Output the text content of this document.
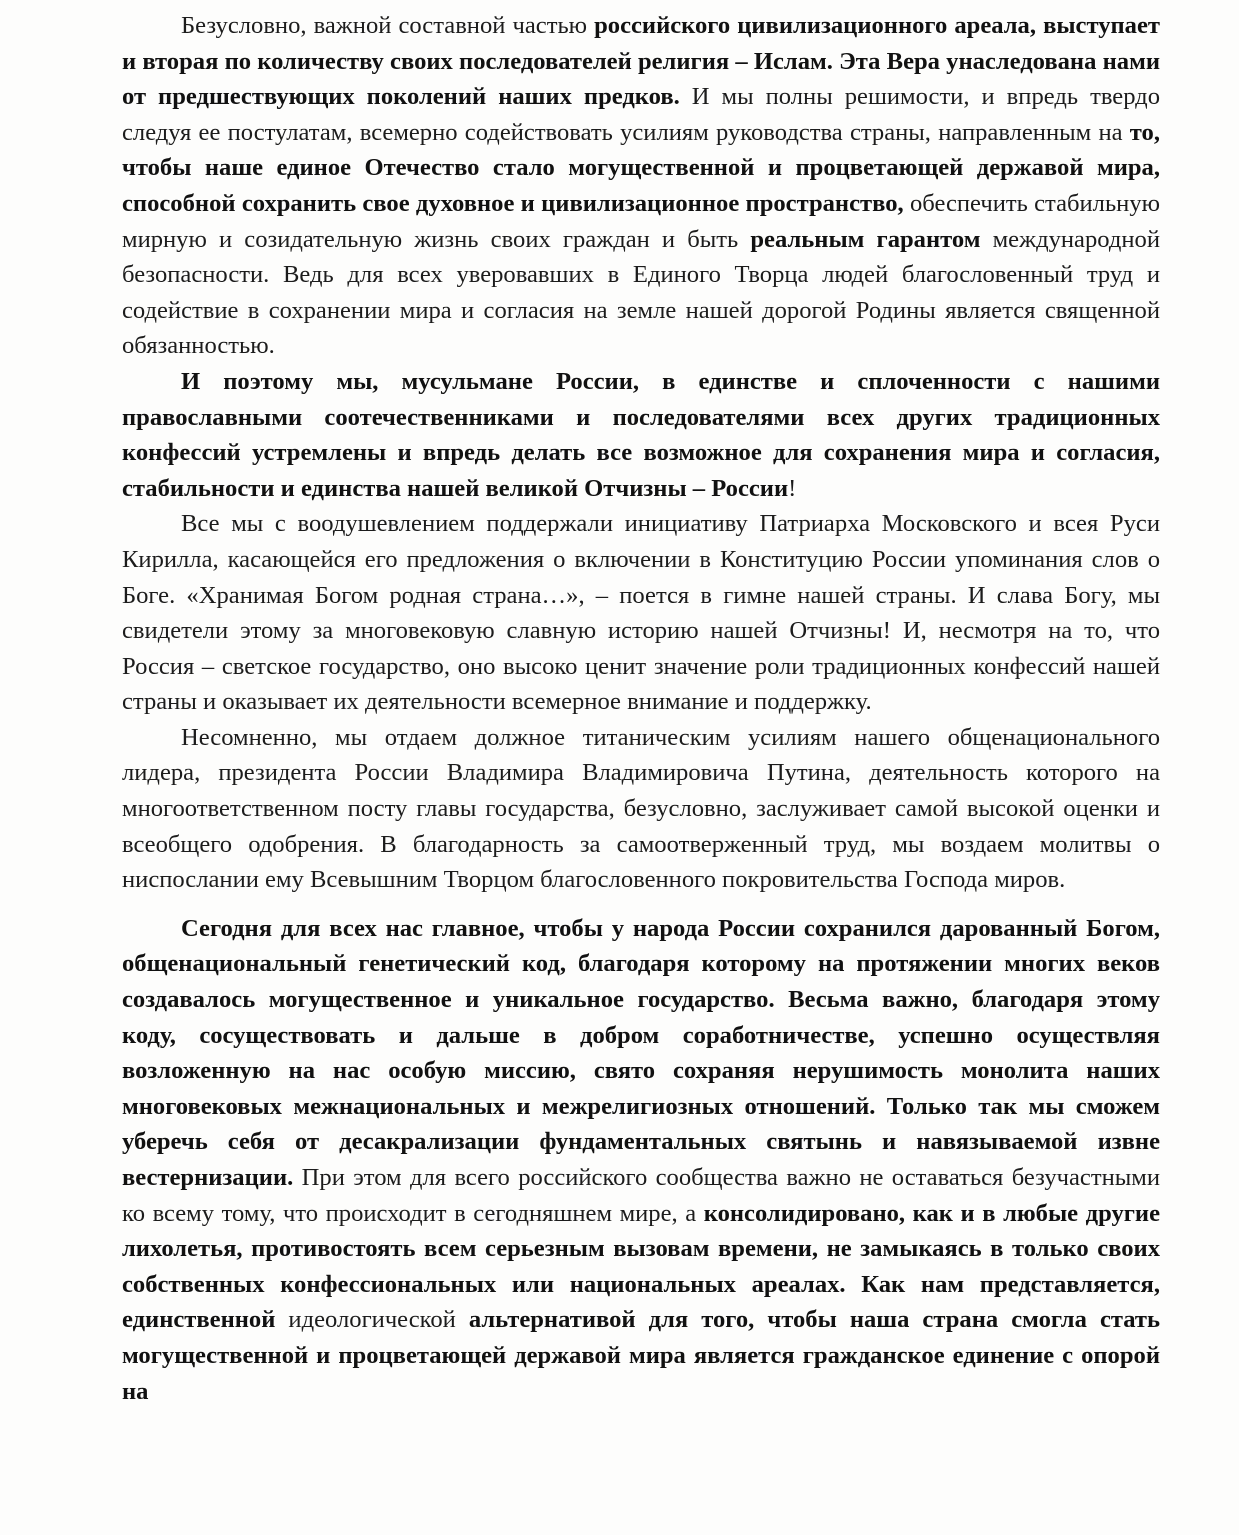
Безусловно, важной составной частью российского цивилизационного ареала, выступает и вторая по количеству своих последователей религия – Ислам. Эта Вера унаследована нами от предшествующих поколений наших предков. И мы полны решимости, и впредь твердо следуя ее постулатам, всемерно содействовать усилиям руководства страны, направленным на то, чтобы наше единое Отечество стало могущественной и процветающей державой мира, способной сохранить свое духовное и цивилизационное пространство, обеспечить стабильную мирную и созидательную жизнь своих граждан и быть реальным гарантом международной безопасности. Ведь для всех уверовавших в Единого Творца людей благословенный труд и содействие в сохранении мира и согласия на земле нашей дорогой Родины является священной обязанностью.

И поэтому мы, мусульмане России, в единстве и сплоченности с нашими православными соотечественниками и последователями всех других традиционных конфессий устремлены и впредь делать все возможное для сохранения мира и согласия, стабильности и единства нашей великой Отчизны – России!

Все мы с воодушевлением поддержали инициативу Патриарха Московского и всея Руси Кирилла, касающейся его предложения о включении в Конституцию России упоминания слов о Боге. «Хранимая Богом родная страна…», – поется в гимне нашей страны. И слава Богу, мы свидетели этому за многовековую славную историю нашей Отчизны! И, несмотря на то, что Россия – светское государство, оно высоко ценит значение роли традиционных конфессий нашей страны и оказывает их деятельности всемерное внимание и поддержку.

Несомненно, мы отдаем должное титаническим усилиям нашего общенационального лидера, президента России Владимира Владимировича Путина, деятельность которого на многоответственном посту главы государства, безусловно, заслуживает самой высокой оценки и всеобщего одобрения. В благодарность за самоотверженный труд, мы воздаем молитвы о ниспослании ему Всевышним Творцом благословенного покровительства Господа миров.

Сегодня для всех нас главное, чтобы у народа России сохранился дарованный Богом, общенациональный генетический код, благодаря которому на протяжении многих веков создавалось могущественное и уникальное государство. Весьма важно, благодаря этому коду, сосуществовать и дальше в добром соработничестве, успешно осуществляя возложенную на нас особую миссию, свято сохраняя нерушимость монолита наших многовековых межнациональных и межрелигиозных отношений. Только так мы сможем уберечь себя от десакрализации фундаментальных святынь и навязываемой извне вестернизации. При этом для всего российского сообщества важно не оставаться безучастными ко всему тому, что происходит в сегодняшнем мире, а консолидировано, как и в любые другие лихолетья, противостоять всем серьезным вызовам времени, не замыкаясь в только своих собственных конфессиональных или национальных ареалах. Как нам представляется, единственной идеологической альтернативой для того, чтобы наша страна смогла стать могущественной и процветающей державой мира является гражданское единение с опорой на
